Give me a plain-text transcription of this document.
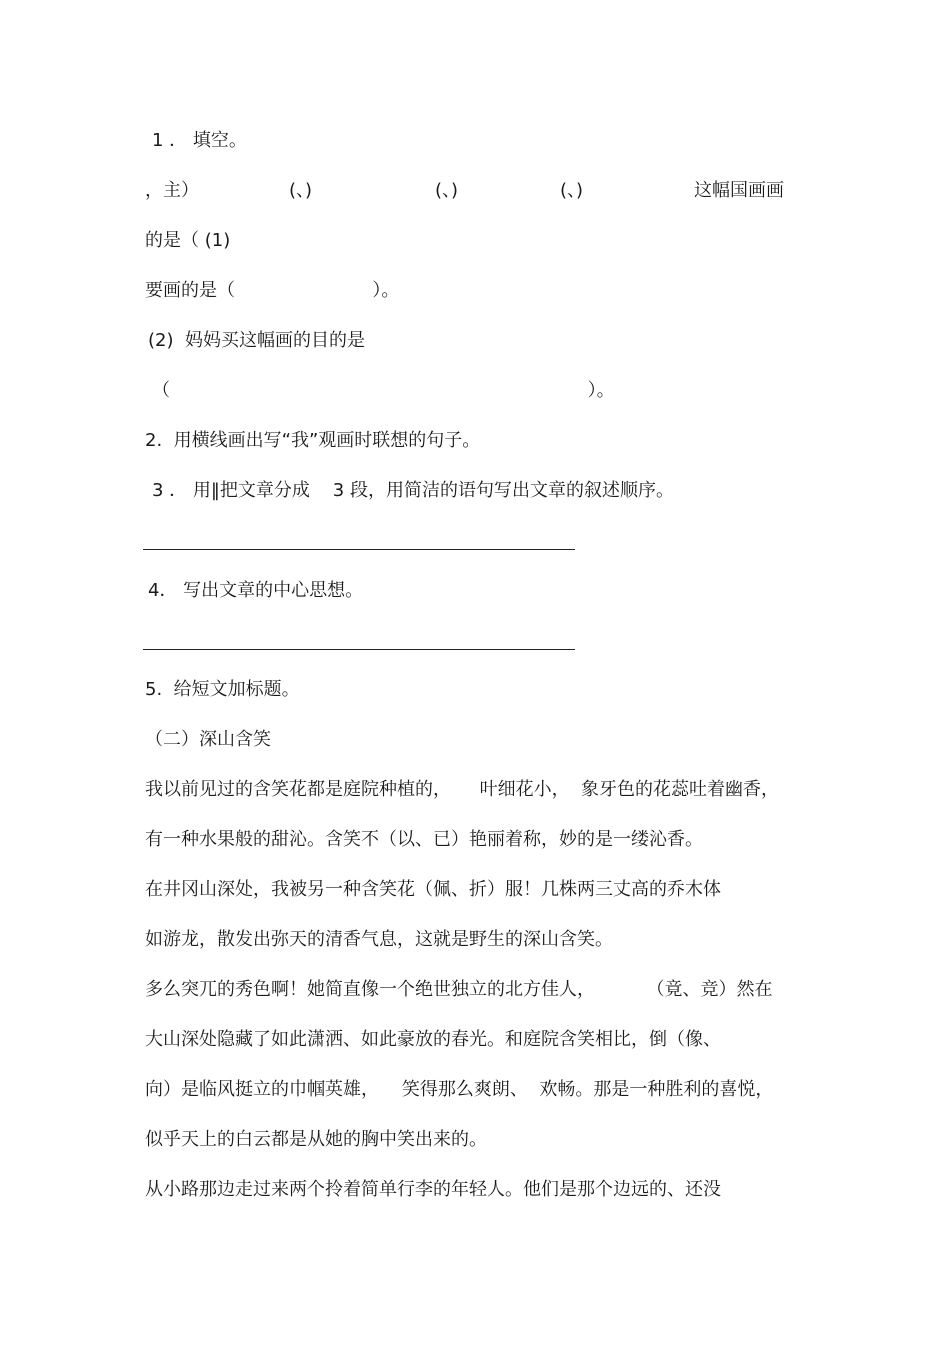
1 ． 填空。

，主）	(、)	(、)	(、)	这幅国画画

的是（ (1)

要画的是（                        ）。

(2)  妈妈买这幅画的目的是

（                                                                         ）。

2.  用横线画出写“我”观画时联想的句子。

3 ． 用‖把文章分成    3 段，用简洁的语句写出文章的叙述顺序。

4． 写出文章的中心思想。

5.  给短文加标题。

（二）深山含笑

我以前见过的含笑花都是庭院种植的，     叶细花小，  象牙色的花蕊吐着幽香，

有一种水果般的甜沁。含笑不（以、已）艳丽着称，妙的是一缕沁香。

在井冈山深处，我被另一种含笑花（佩、折）服！几株两三丈高的乔木体

如游龙，散发出弥天的清香气息，这就是野生的深山含笑。

多么突兀的秀色啊！她简直像一个绝世独立的北方佳人，         （竟、竞）然在

大山深处隐藏了如此潇洒、如此豪放的春光。和庭院含笑相比，倒（像、

向）是临风挺立的巾帼英雄，    笑得那么爽朗、  欢畅。那是一种胜利的喜悦，

似乎天上的白云都是从她的胸中笑出来的。

从小路那边走过来两个拎着简单行李的年轻人。他们是那个边远的、还没
